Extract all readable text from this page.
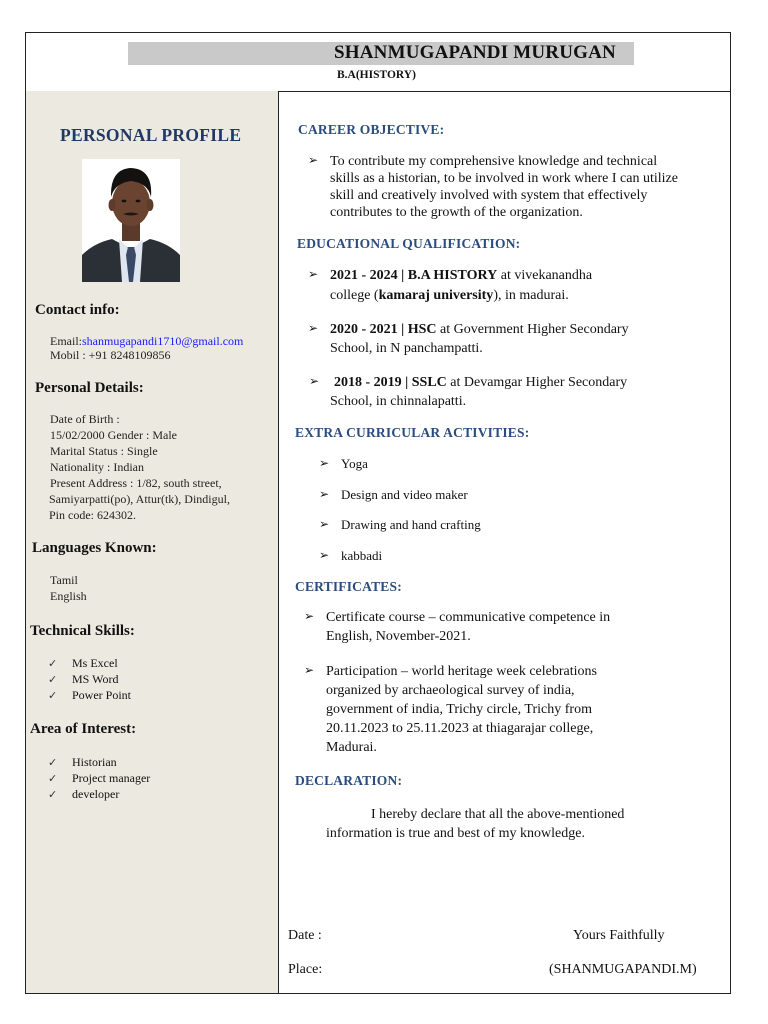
SHANMUGAPANDI MURUGAN
B.A(HISTORY)
PERSONAL PROFILE
Contact info:
Email:shanmugapandi1710@gmail.com
Mobil : +91 8248109856
Personal Details:
Date of Birth :
15/02/2000 Gender : Male
Marital Status : Single
Nationality : Indian
Present Address : 1/82, south street,
Samiyarpatti(po), Attur(tk), Dindigul,
Pin code: 624302.
Languages Known:
Tamil
English
Technical Skills:
✓	Ms Excel
✓	MS Word
✓	Power Point
Area of Interest:
✓	Historian
✓	Project manager
✓	developer
CAREER OBJECTIVE:
➢ To contribute my comprehensive knowledge and technical
skills as a historian, to be involved in work where I can utilize
skill and creatively involved with system that effectively
contributes to the growth of the organization.
EDUCATIONAL QUALIFICATION:
➢ 2021 - 2024 | B.A HISTORY at vivekanandha
college (kamaraj university), in madurai.
➢ 2020 - 2021 | HSC at Government Higher Secondary
School, in N panchampatti.
➢ 2018 - 2019 | SSLC at Devamgar Higher Secondary
School, in chinnalapatti.
EXTRA CURRICULAR ACTIVITIES:
➢ Yoga
➢ Design and video maker
➢ Drawing and hand crafting
➢ kabbadi
CERTIFICATES:
➢ Certificate course – communicative competence in
English, November-2021.
➢ Participation – world heritage week celebrations
organized by archaeological survey of india,
government of india, Trichy circle, Trichy from
20.11.2023 to 25.11.2023 at thiagarajar college,
Madurai.
DECLARATION:
I hereby declare that all the above-mentioned
information is true and best of my knowledge.
Date :	Yours Faithfully
Place:	(SHANMUGAPANDI.M)
